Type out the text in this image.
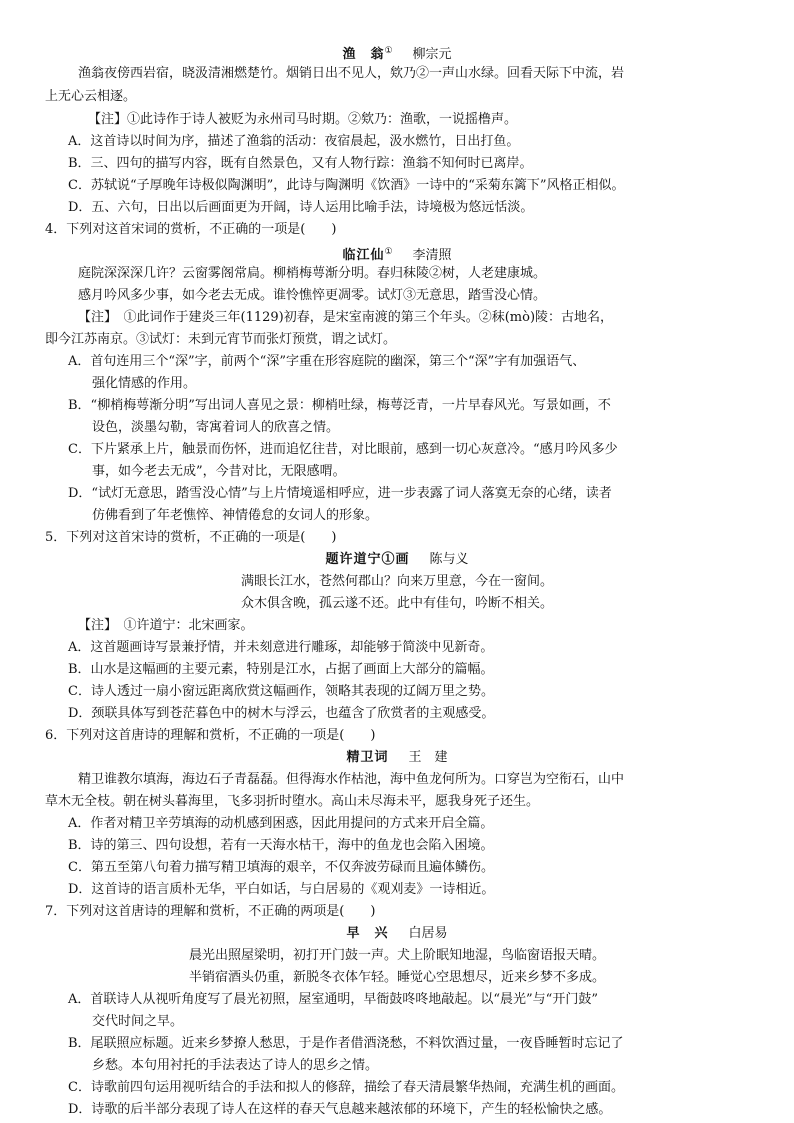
渔　翁① 柳宗元
渔翁夜傍西岩宿，晓汲清湘燃楚竹。烟销日出不见人，欸乃②一声山水绿。回看天际下中流，岩
上无心云相逐。
【注】①此诗作于诗人被贬为永州司马时期。②欸乃：渔歌，一说摇橹声。
A．这首诗以时间为序，描述了渔翁的活动：夜宿晨起，汲水燃竹，日出打鱼。
B．三、四句的描写内容，既有自然景色，又有人物行踪：渔翁不知何时已离岸。
C．苏轼说“子厚晚年诗极似陶渊明”，此诗与陶渊明《饮酒》一诗中的“采菊东篱下”风格正相似。
D．五、六句，日出以后画面更为开阔，诗人运用比喻手法，诗境极为悠远恬淡。
4．下列对这首宋词的赏析，不正确的一项是(　　)
临江仙① 李清照
庭院深深深几许？云窗雾阁常扃。柳梢梅萼渐分明。春归秣陵②树，人老建康城。
感月吟风多少事，如今老去无成。谁怜憔悴更凋零。试灯③无意思，踏雪没心情。
【注】　①此词作于建炎三年(1129)初春，是宋室南渡的第三个年头。②秣(mò)陵：古地名，
即今江苏南京。③试灯：未到元宵节而张灯预赏，谓之试灯。
A．首句连用三个“深”字，前两个“深”字重在形容庭院的幽深，第三个“深”字有加强语气、
强化情感的作用。
B．“柳梢梅萼渐分明”写出词人喜见之景：柳梢吐绿，梅萼泛青，一片早春风光。写景如画，不
设色，淡墨勾勒，寄寓着词人的欣喜之情。
C．下片紧承上片，触景而伤怀，进而追忆往昔，对比眼前，感到一切心灰意冷。“感月吟风多少
事，如今老去无成”，今昔对比，无限感喟。
D．“试灯无意思，踏雪没心情”与上片情境遥相呼应，进一步表露了词人落寞无奈的心绪，读者
仿佛看到了年老憔悴、神情倦怠的女词人的形象。
5．下列对这首宋诗的赏析，不正确的一项是(　　)
题许道宁①画 陈与义
满眼长江水，苍然何郡山？向来万里意，今在一窗间。
众木俱含晚，孤云遂不还。此中有佳句，吟断不相关。
【注】　①许道宁：北宋画家。
A．这首题画诗写景兼抒情，并未刻意进行雕琢，却能够于简淡中见新奇。
B．山水是这幅画的主要元素，特别是江水，占据了画面上大部分的篇幅。
C．诗人透过一扇小窗远距离欣赏这幅画作，领略其表现的辽阔万里之势。
D．颈联具体写到苍茫暮色中的树木与浮云，也蕴含了欣赏者的主观感受。
6．下列对这首唐诗的理解和赏析，不正确的一项是(　　)
精卫词 王　建
精卫谁教尔填海，海边石子青磊磊。但得海水作枯池，海中鱼龙何所为。口穿岂为空衔石，山中
草木无全枝。朝在树头暮海里，飞多羽折时堕水。高山未尽海未平，愿我身死子还生。
A．作者对精卫辛劳填海的动机感到困惑，因此用提问的方式来开启全篇。
B．诗的第三、四句设想，若有一天海水枯干，海中的鱼龙也会陷入困境。
C．第五至第八句着力描写精卫填海的艰辛，不仅奔波劳碌而且遍体鳞伤。
D．这首诗的语言质朴无华，平白如话，与白居易的《观刈麦》一诗相近。
7．下列对这首唐诗的理解和赏析，不正确的两项是(　　)
早　兴 白居易
晨光出照屋梁明，初打开门鼓一声。犬上阶眠知地湿，鸟临窗语报天晴。
半销宿酒头仍重，新脱冬衣体乍轻。睡觉心空思想尽，近来乡梦不多成。
A．首联诗人从视听角度写了晨光初照，屋室通明，早衙鼓咚咚地敲起。以“晨光”与“开门鼓”
交代时间之早。
B．尾联照应标题。近来乡梦撩人愁思，于是作者借酒浇愁，不料饮酒过量，一夜昏睡暂时忘记了
乡愁。本句用衬托的手法表达了诗人的思乡之情。
C．诗歌前四句运用视听结合的手法和拟人的修辞，描绘了春天清晨繁华热闹，充满生机的画面。
D．诗歌的后半部分表现了诗人在这样的春天气息越来越浓郁的环境下，产生的轻松愉快之感。
